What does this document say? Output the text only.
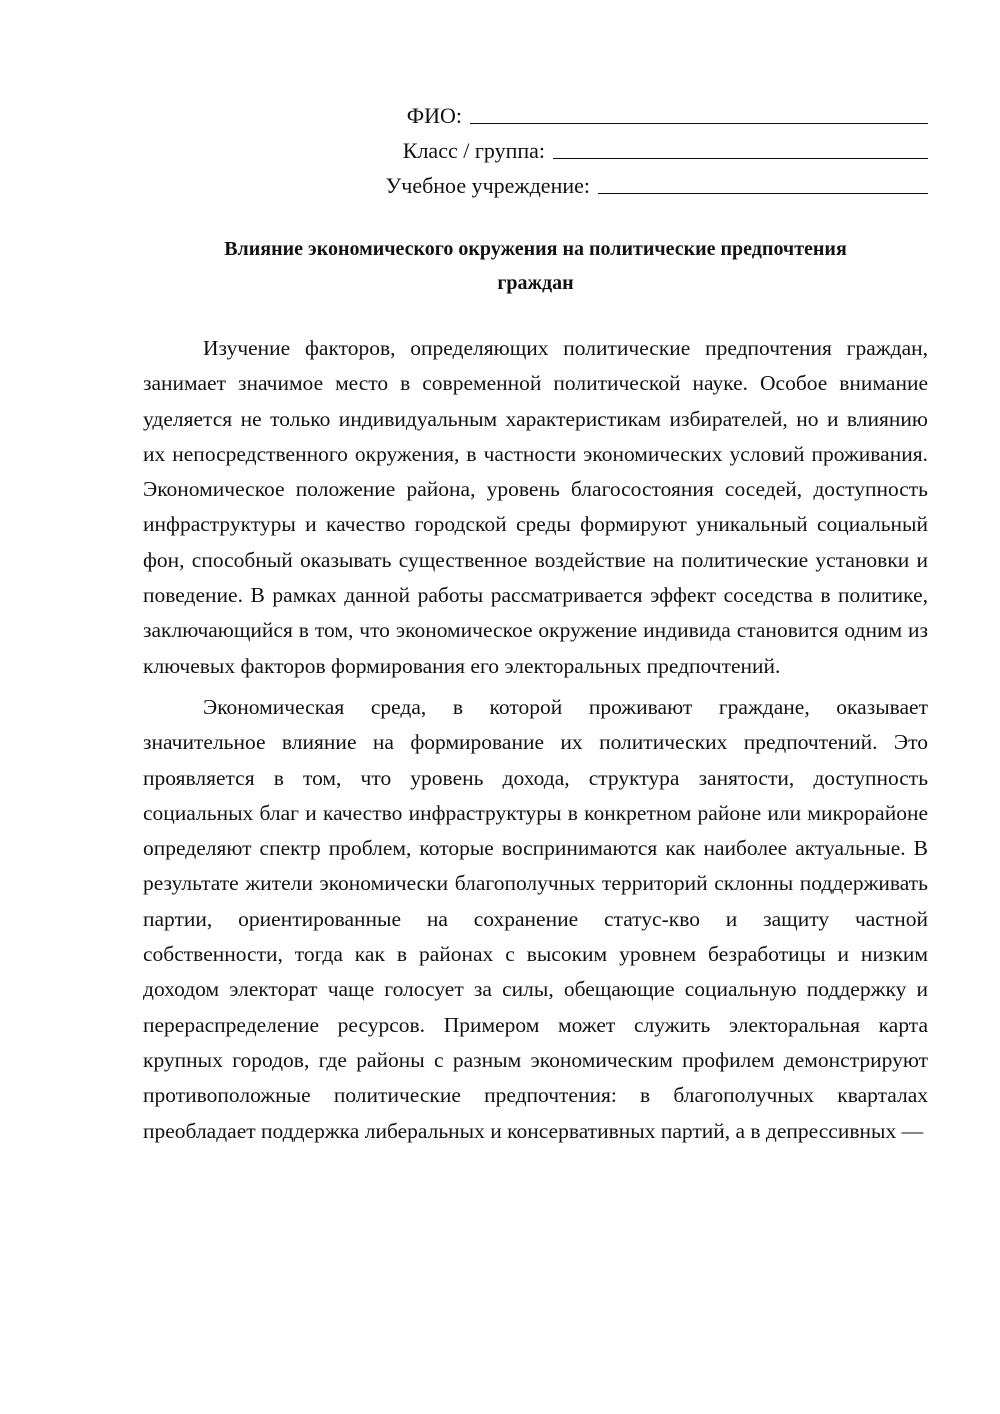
ФИО:
Класс / группа:
Учебное учреждение:
Влияние экономического окружения на политические предпочтения
граждан

Изучение факторов, определяющих политические предпочтения граждан, занимает значимое место в современной политической науке. Особое внимание уделяется не только индивидуальным характеристикам избирателей, но и влиянию их непосредственного окружения, в частности экономических условий проживания. Экономическое положение района, уровень благосостояния соседей, доступность инфраструктуры и качество городской среды формируют уникальный социальный фон, способный оказывать существенное воздействие на политические установки и поведение. В рамках данной работы рассматривается эффект соседства в политике, заключающийся в том, что экономическое окружение индивида становится одним из ключевых факторов формирования его электоральных предпочтений.

Экономическая среда, в которой проживают граждане, оказывает значительное влияние на формирование их политических предпочтений. Это проявляется в том, что уровень дохода, структура занятости, доступность социальных благ и качество инфраструктуры в конкретном районе или микрорайоне определяют спектр проблем, которые воспринимаются как наиболее актуальные. В результате жители экономически благополучных территорий склонны поддерживать партии, ориентированные на сохранение статус-кво и защиту частной собственности, тогда как в районах с высоким уровнем безработицы и низким доходом электорат чаще голосует за силы, обещающие социальную поддержку и перераспределение ресурсов. Примером может служить электоральная карта крупных городов, где районы с разным экономическим профилем демонстрируют противоположные политические предпочтения: в благополучных кварталах преобладает поддержка либеральных и консервативных партий, а в депрессивных —
